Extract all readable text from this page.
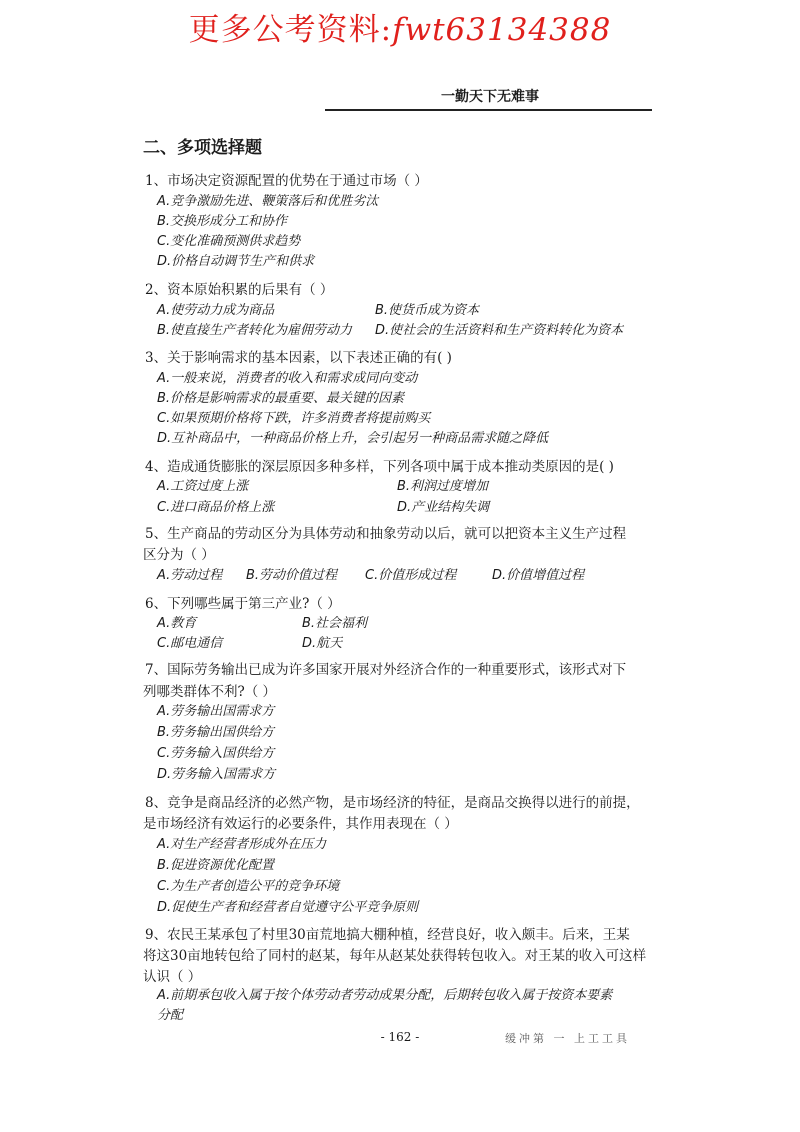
更多公考资料:fwt63134388
一勤天下无难事
二、多项选择题
1、市场决定资源配置的优势在于通过市场（ ）
A.竞争激励先进、鞭策落后和优胜劣汰
B.交换形成分工和协作
C.变化准确预测供求趋势
D.价格自动调节生产和供求
2、资本原始积累的后果有（ ）
A.使劳动力成为商品	B.使货币成为资本
B.使直接生产者转化为雇佣劳动力 D.使社会的生活资料和生产资料转化为资本
3、关于影响需求的基本因素，以下表述正确的有( )
A.一般来说，消费者的收入和需求成同向变动
B.价格是影响需求的最重要、最关键的因素
C.如果预期价格将下跌，许多消费者将提前购买
D.互补商品中，一种商品价格上升，会引起另一种商品需求随之降低
4、造成通货膨胀的深层原因多种多样，下列各项中属于成本推动类原因的是( )
A.工资过度上涨	B.利润过度增加
C.进口商品价格上涨	D.产业结构失调
5、生产商品的劳动区分为具体劳动和抽象劳动以后，就可以把资本主义生产过程
区分为（ ）
A.劳动过程 B.劳动价值过程 C.价值形成过程	D.价值增值过程
6、下列哪些属于第三产业?（ ）
A.教育	B.社会福利
C.邮电通信	D.航天
7、国际劳务输出已成为许多国家开展对外经济合作的一种重要形式，该形式对下
列哪类群体不利?（ ）
A.劳务输出国需求方
B.劳务输出国供给方
C.劳务输入国供给方
D.劳务输入国需求方
8、竞争是商品经济的必然产物，是市场经济的特征，是商品交换得以进行的前提，
是市场经济有效运行的必要条件，其作用表现在（ ）
A.对生产经营者形成外在压力
B.促进资源优化配置
C.为生产者创造公平的竞争环境
D.促使生产者和经营者自觉遵守公平竞争原则
9、农民王某承包了村里30亩荒地搞大棚种植，经营良好，收入颇丰。后来，王某
将这30亩地转包给了同村的赵某，每年从赵某处获得转包收入。对王某的收入可这样
认识（ ）
A.前期承包收入属于按个体劳动者劳动成果分配，后期转包收入属于按资本要素
分配
- 162 -	缓冲第 一 上工工具
